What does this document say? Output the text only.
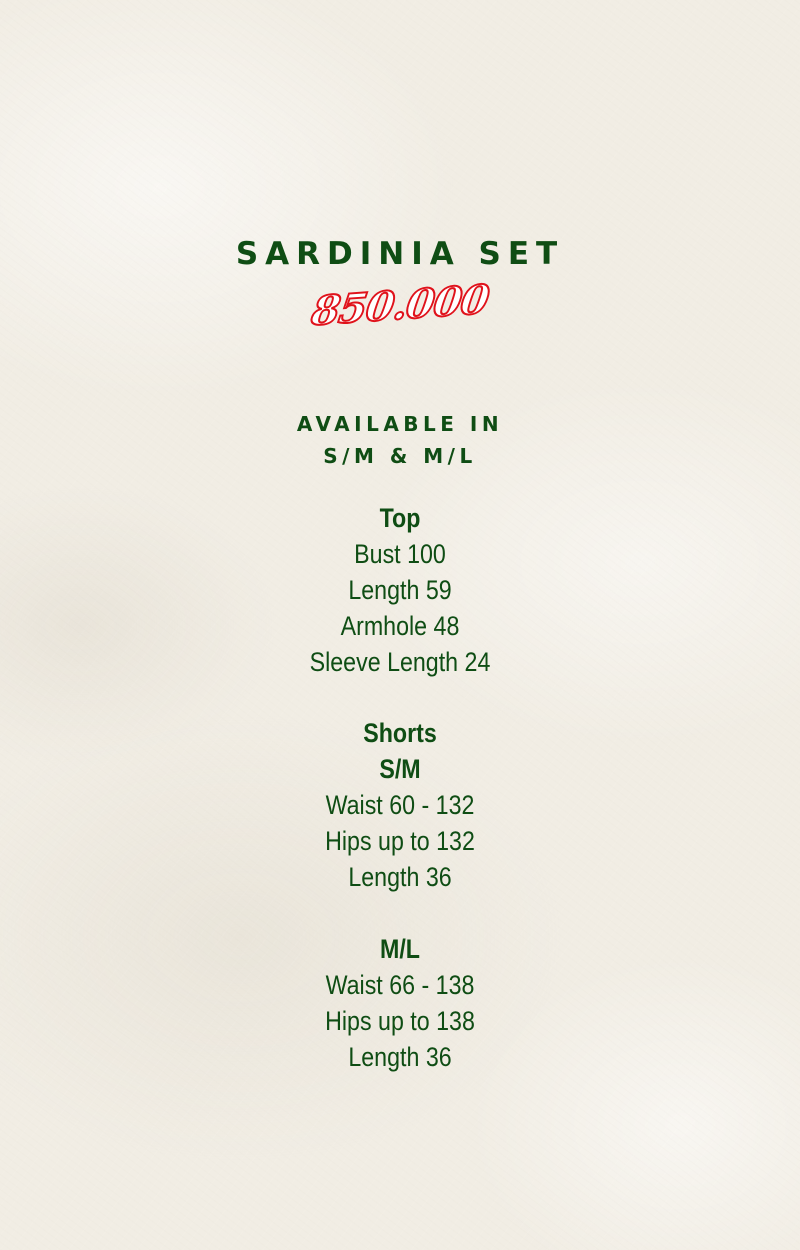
SARDINIA SET
850.000
AVAILABLE IN
S/M & M/L
Top
Bust 100
Length 59
Armhole 48
Sleeve Length 24
Shorts
S/M
Waist 60 - 132
Hips up to 132
Length 36
M/L
Waist 66 - 138
Hips up to 138
Length 36
